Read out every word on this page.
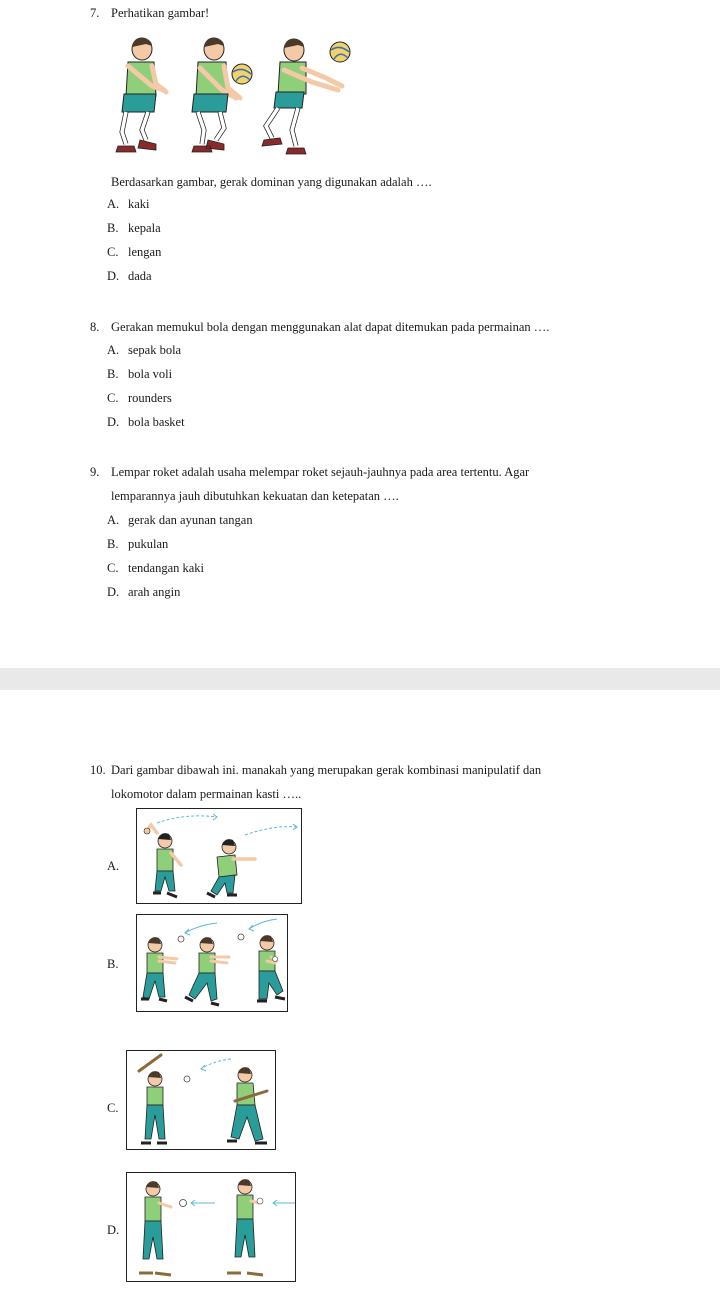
7. Perhatikan gambar!
Berdasarkan gambar, gerak dominan yang digunakan adalah ….
A. kaki
B. kepala
C. lengan
D. dada
8. Gerakan memukul bola dengan menggunakan alat dapat ditemukan pada permainan ….
A. sepak bola
B. bola voli
C. rounders
D. bola basket
9. Lempar roket adalah usaha melempar roket sejauh-jauhnya pada area tertentu. Agar
lemparannya jauh dibutuhkan kekuatan dan ketepatan ….
A. gerak dan ayunan tangan
B. pukulan
C. tendangan kaki
D. arah angin
10. Dari gambar dibawah ini. manakah yang merupakan gerak kombinasi manipulatif dan
lokomotor dalam permainan kasti …..
A.
B.
C.
D.
